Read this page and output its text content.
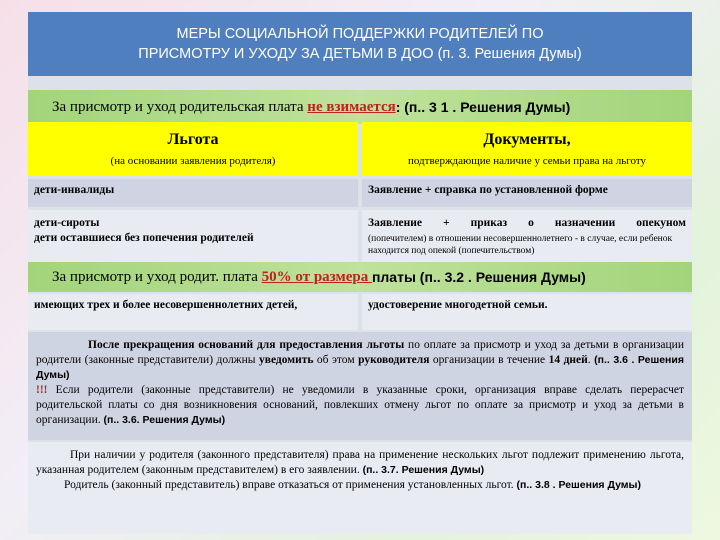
МЕРЫ СОЦИАЛЬНОЙ ПОДДЕРЖКИ РОДИТЕЛЕЙ ПО
ПРИСМОТРУ И УХОДУ ЗА ДЕТЬМИ В ДОО (п. 3. Решения Думы)
За присмотр и уход родительская плата не взимается : (п.. 3 1 . Решения Думы)
Льгота
(на основании заявления родителя)
Документы,
подтверждающие наличие у семьи права на льготу
дети-инвалиды	Заявление + справка по установленной форме
дети-сироты
дети оставшиеся без попечения родителей
Заявление + приказ о назначении опекуном
(попечителем) в отношении несовершеннолетнего - в случае, если ребенок находится под опекой (попечительством)
За присмотр и уход родит. плата 50% от размера платы (п.. 3.2 . Решения Думы)
имеющих трех и более несовершеннолетних детей,	удостоверение многодетной семьи.
После прекращения оснований для предоставления льготы по оплате за присмотр и уход за детьми в организации родители (законные представители) должны уведомить об этом руководителя организации в течение 14 дней. (п.. 3.6 . Решения Думы)
!!! Если родители (законные представители) не уведомили в указанные сроки, организация вправе сделать перерасчет родительской платы со дня возникновения оснований, повлекших отмену льгот по оплате за присмотр и уход за детьми в организации. (п.. 3.6. Решения Думы)
При наличии у родителя (законного представителя) права на применение нескольких льгот подлежит применению льгота, указанная родителем (законным представителем) в его заявлении. (п.. 3.7. Решения Думы)
Родитель (законный представитель) вправе отказаться от применения установленных льгот. (п.. 3.8 . Решения Думы)
